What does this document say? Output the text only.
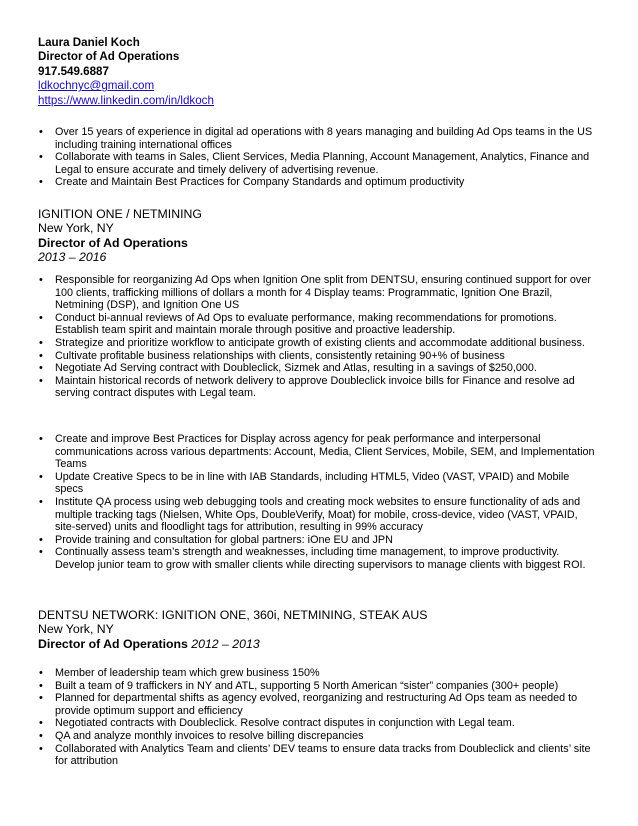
Laura Daniel Koch
Director of Ad Operations
917.549.6887
ldkochnyc@gmail.com
https://www.linkedin.com/in/ldkoch
• Over 15 years of experience in digital ad operations with 8 years managing and building Ad Ops teams in the US including training international offices
• Collaborate with teams in Sales, Client Services, Media Planning, Account Management, Analytics, Finance and Legal to ensure accurate and timely delivery of advertising revenue.
• Create and Maintain Best Practices for Company Standards and optimum productivity
IGNITION ONE / NETMINING
New York, NY
Director of Ad Operations
2013 – 2016
• Responsible for reorganizing Ad Ops when Ignition One split from DENTSU, ensuring continued support for over 100 clients, trafficking millions of dollars a month for 4 Display teams: Programmatic, Ignition One Brazil, Netmining (DSP), and Ignition One US
• Conduct bi-annual reviews of Ad Ops to evaluate performance, making recommendations for promotions. Establish team spirit and maintain morale through positive and proactive leadership.
• Strategize and prioritize workflow to anticipate growth of existing clients and accommodate additional business.
• Cultivate profitable business relationships with clients, consistently retaining 90+% of business
• Negotiate Ad Serving contract with Doubleclick, Sizmek and Atlas, resulting in a savings of $250,000.
• Maintain historical records of network delivery to approve Doubleclick invoice bills for Finance and resolve ad serving contract disputes with Legal team.
• Create and improve Best Practices for Display across agency for peak performance and interpersonal communications across various departments: Account, Media, Client Services, Mobile, SEM, and Implementation Teams
• Update Creative Specs to be in line with IAB Standards, including HTML5, Video (VAST, VPAID) and Mobile specs
• Institute QA process using web debugging tools and creating mock websites to ensure functionality of ads and multiple tracking tags (Nielsen, White Ops, DoubleVerify, Moat) for mobile, cross-device, video (VAST, VPAID, site-served) units and floodlight tags for attribution, resulting in 99% accuracy
• Provide training and consultation for global partners: iOne EU and JPN
• Continually assess team’s strength and weaknesses, including time management, to improve productivity. Develop junior team to grow with smaller clients while directing supervisors to manage clients with biggest ROI.
DENTSU NETWORK: IGNITION ONE, 360i, NETMINING, STEAK AUS
New York, NY
Director of Ad Operations 2012 – 2013
• Member of leadership team which grew business 150%
• Built a team of 9 traffickers in NY and ATL, supporting 5 North American “sister” companies (300+ people)
• Planned for departmental shifts as agency evolved, reorganizing and restructuring Ad Ops team as needed to provide optimum support and efficiency
• Negotiated contracts with Doubleclick. Resolve contract disputes in conjunction with Legal team.
• QA and analyze monthly invoices to resolve billing discrepancies
• Collaborated with Analytics Team and clients’ DEV teams to ensure data tracks from Doubleclick and clients’ site for attribution
